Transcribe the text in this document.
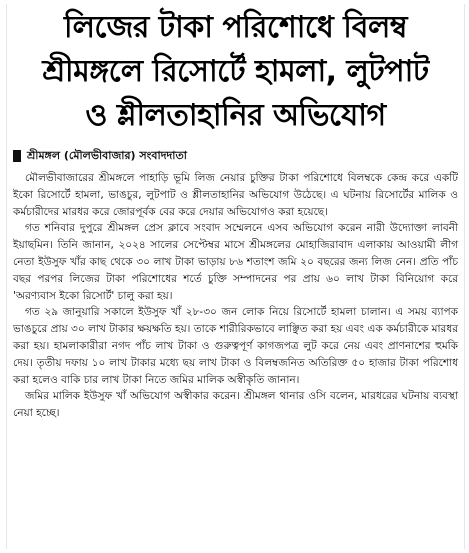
লিজের টাকা পরিশোধে বিলম্ব
শ্রীমঙ্গলে রিসোর্টে হামলা, লুটপাট
ও শ্লীলতাহানির অভিযোগ
শ্রীমঙ্গল (মৌলভীবাজার) সংবাদদাতা

মৌলভীবাজারের শ্রীমঙ্গলে পাহাড়ি ভূমি লিজ নেয়ার চুক্তির টাকা পরিশোধে বিলম্বকে কেন্দ্র করে একটি ইকো রিসোর্টে হামলা, ভাঙচুর, লুটপাট ও শ্লীলতাহানির অভিযোগ উঠেছে। এ ঘটনায় রিসোর্টের মালিক ও কর্মচারীদের মারধর করে জোরপূর্বক বের করে দেয়ার অভিযোগও করা হয়েছে।

গত শনিবার দুপুরে শ্রীমঙ্গল প্রেস ক্লাবে সংবাদ সম্মেলনে এসব অভিযোগ করেন নারী উদ্যোক্তা লাবনী ইয়াছমিন। তিনি জানান, ২০২৪ সালের সেপ্টেম্বর মাসে শ্রীমঙ্গলের মোহাজিরাবাদ এলাকায় আওয়ামী লীগ নেতা ইউসুফ খাঁর কাছ থেকে ৩০ লাখ টাকা ভাড়ায় ৮৬ শতাংশ জমি ২০ বছরের জন্য লিজ নেন। প্রতি পাঁচ বছর পরপর লিজের টাকা পরিশোধের শর্তে চুক্তি সম্পাদনের পর প্রায় ৬০ লাখ টাকা বিনিয়োগ করে 'অরণ্যবাস ইকো রিসোর্ট' চালু করা হয়।

গত ২৯ জানুয়ারি সকালে ইউসুফ খাঁ ২৮-৩০ জন লোক নিয়ে রিসোর্টে হামলা চালান। এ সময় ব্যাপক ভাঙচুরে প্রায় ৩০ লাখ টাকার ক্ষয়ক্ষতি হয়। তাকে শারীরিকভাবে লাঞ্ছিত করা হয় এবং এক কর্মচারীকে মারধর করা হয়। হামলাকারীরা নগদ পাঁচ লাখ টাকা ও গুরুত্বপূর্ণ কাগজপত্র লুট করে নেয় এবং প্রাণনাশের হুমকি দেয়। তৃতীয় দফায় ১০ লাখ টাকার মধ্যে ছয় লাখ টাকা ও বিলম্বজনিত অতিরিক্ত ৫০ হাজার টাকা পরিশোধ করা হলেও বাকি চার লাখ টাকা নিতে জমির মালিক অস্বীকৃতি জানান।

জমির মালিক ইউসুফ খাঁ অভিযোগ অস্বীকার করেন। শ্রীমঙ্গল থানার ওসি বলেন, মারধরের ঘটনায় ব্যবস্থা নেয়া হচ্ছে।
